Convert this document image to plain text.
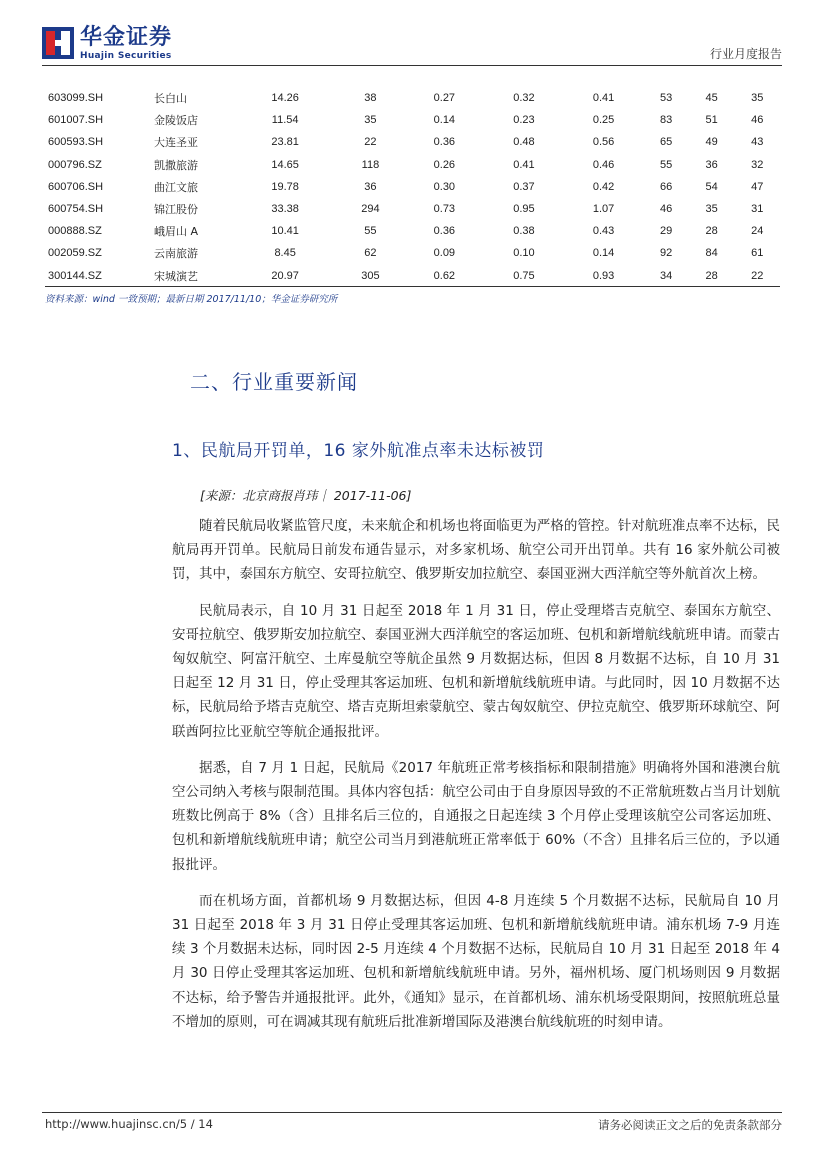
华金证券
Huajin Securities	行业月度报告
603099.SH	长白山	14.26	38	0.27	0.32	0.41	53	45	35
601007.SH	金陵饭店	11.54	35	0.14	0.23	0.25	83	51	46
600593.SH	大连圣亚	23.81	22	0.36	0.48	0.56	65	49	43
000796.SZ	凯撒旅游	14.65	118	0.26	0.41	0.46	55	36	32
600706.SH	曲江文旅	19.78	36	0.30	0.37	0.42	66	54	47
600754.SH	锦江股份	33.38	294	0.73	0.95	1.07	46	35	31
000888.SZ	峨眉山 A	10.41	55	0.36	0.38	0.43	29	28	24
002059.SZ	云南旅游	8.45	62	0.09	0.10	0.14	92	84	61
300144.SZ	宋城演艺	20.97	305	0.62	0.75	0.93	34	28	22
资料来源：wind 一致预期；最新日期 2017/11/10；华金证券研究所
二、行业重要新闻
1、民航局开罚单，16 家外航准点率未达标被罚
[来源：北京商报肖玮｜ 2017-11-06]

随着民航局收紧监管尺度，未来航企和机场也将面临更为严格的管控。针对航班准点率不达标，民航局再开罚单。民航局日前发布通告显示，对多家机场、航空公司开出罚单。共有 16 家外航公司被罚，其中，泰国东方航空、安哥拉航空、俄罗斯安加拉航空、泰国亚洲大西洋航空等外航首次上榜。

民航局表示，自 10 月 31 日起至 2018 年 1 月 31 日，停止受理塔吉克航空、泰国东方航空、安哥拉航空、俄罗斯安加拉航空、泰国亚洲大西洋航空的客运加班、包机和新增航线航班申请。而蒙古匈奴航空、阿富汗航空、土库曼航空等航企虽然 9 月数据达标，但因 8 月数据不达标，自 10 月 31 日起至 12 月 31 日，停止受理其客运加班、包机和新增航线航班申请。与此同时，因 10 月数据不达标，民航局给予塔吉克航空、塔吉克斯坦索蒙航空、蒙古匈奴航空、伊拉克航空、俄罗斯环球航空、阿联酋阿拉比亚航空等航企通报批评。

据悉，自 7 月 1 日起，民航局《2017 年航班正常考核指标和限制措施》明确将外国和港澳台航空公司纳入考核与限制范围。具体内容包括：航空公司由于自身原因导致的不正常航班数占当月计划航班数比例高于 8%（含）且排名后三位的，自通报之日起连续 3 个月停止受理该航空公司客运加班、包机和新增航线航班申请；航空公司当月到港航班正常率低于 60%（不含）且排名后三位的，予以通报批评。

而在机场方面，首都机场 9 月数据达标，但因 4-8 月连续 5 个月数据不达标，民航局自 10 月 31 日起至 2018 年 3 月 31 日停止受理其客运加班、包机和新增航线航班申请。浦东机场 7-9 月连续 3 个月数据未达标，同时因 2-5 月连续 4 个月数据不达标，民航局自 10 月 31 日起至 2018 年 4 月 30 日停止受理其客运加班、包机和新增航线航班申请。另外，福州机场、厦门机场则因 9 月数据不达标，给予警告并通报批评。此外，《通知》显示，在首都机场、浦东机场受限期间，按照航班总量不增加的原则，可在调减其现有航班后批准新增国际及港澳台航线航班的时刻申请。

http://www.huajinsc.cn/5 / 14	请务必阅读正文之后的免责条款部分
